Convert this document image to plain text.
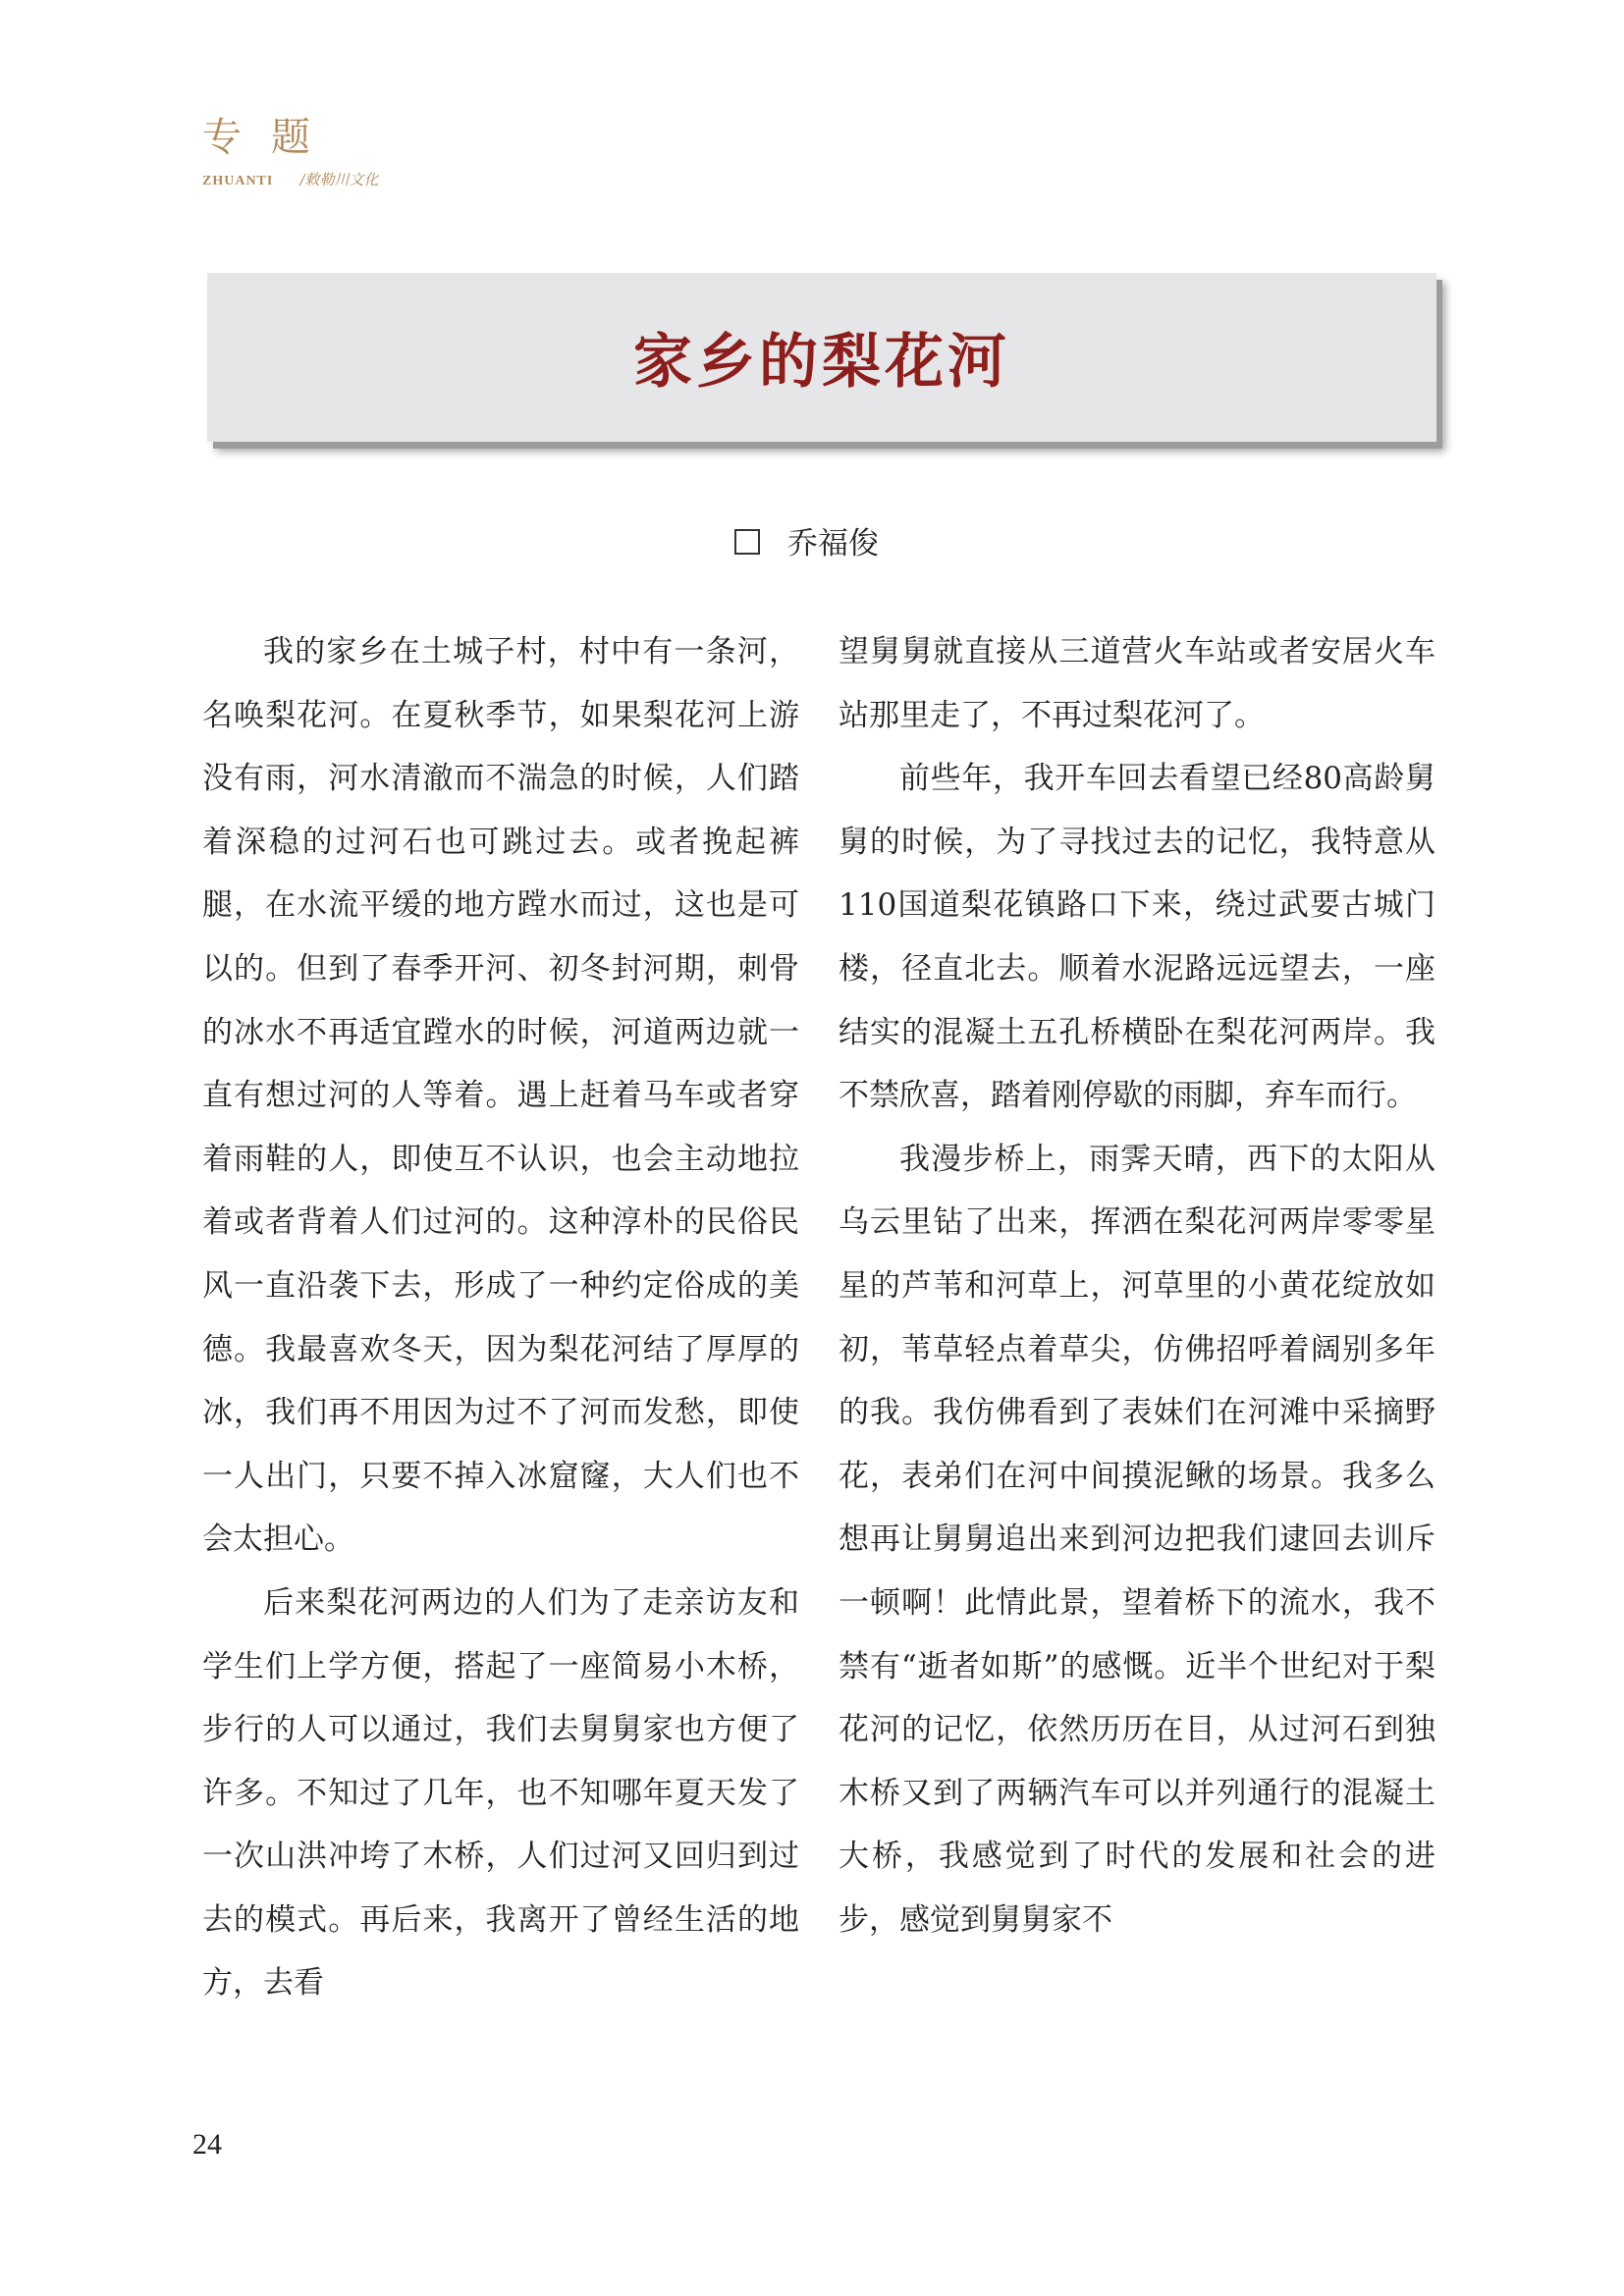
专题
ZHUANTI /敕勒川文化
家乡的梨花河
乔福俊

我的家乡在土城子村，村中有一条河，名唤梨花河。在夏秋季节，如果梨花河上游没有雨，河水清澈而不湍急的时候，人们踏着深稳的过河石也可跳过去。或者挽起裤腿，在水流平缓的地方蹚水而过，这也是可以的。但到了春季开河、初冬封河期，刺骨的冰水不再适宜蹚水的时候，河道两边就一直有想过河的人等着。遇上赶着马车或者穿着雨鞋的人，即使互不认识，也会主动地拉着或者背着人们过河的。这种淳朴的民俗民风一直沿袭下去，形成了一种约定俗成的美德。我最喜欢冬天，因为梨花河结了厚厚的冰，我们再不用因为过不了河而发愁，即使一人出门，只要不掉入冰窟窿，大人们也不会太担心。

后来梨花河两边的人们为了走亲访友和学生们上学方便，搭起了一座简易小木桥，步行的人可以通过，我们去舅舅家也方便了许多。不知过了几年，也不知哪年夏天发了一次山洪冲垮了木桥，人们过河又回归到过去的模式。再后来，我离开了曾经生活的地方，去看

望舅舅就直接从三道营火车站或者安居火车站那里走了，不再过梨花河了。

前些年，我开车回去看望已经80高龄舅舅的时候，为了寻找过去的记忆，我特意从110国道梨花镇路口下来，绕过武要古城门楼，径直北去。顺着水泥路远远望去，一座结实的混凝土五孔桥横卧在梨花河两岸。我不禁欣喜，踏着刚停歇的雨脚，弃车而行。

我漫步桥上，雨霁天晴，西下的太阳从乌云里钻了出来，挥洒在梨花河两岸零零星星的芦苇和河草上，河草里的小黄花绽放如初，苇草轻点着草尖，仿佛招呼着阔别多年的我。我仿佛看到了表妹们在河滩中采摘野花，表弟们在河中间摸泥鳅的场景。我多么想再让舅舅追出来到河边把我们逮回去训斥一顿啊！此情此景，望着桥下的流水，我不禁有“逝者如斯”的感慨。近半个世纪对于梨花河的记忆，依然历历在目，从过河石到独木桥又到了两辆汽车可以并列通行的混凝土大桥，我感觉到了时代的发展和社会的进步，感觉到舅舅家不

24
